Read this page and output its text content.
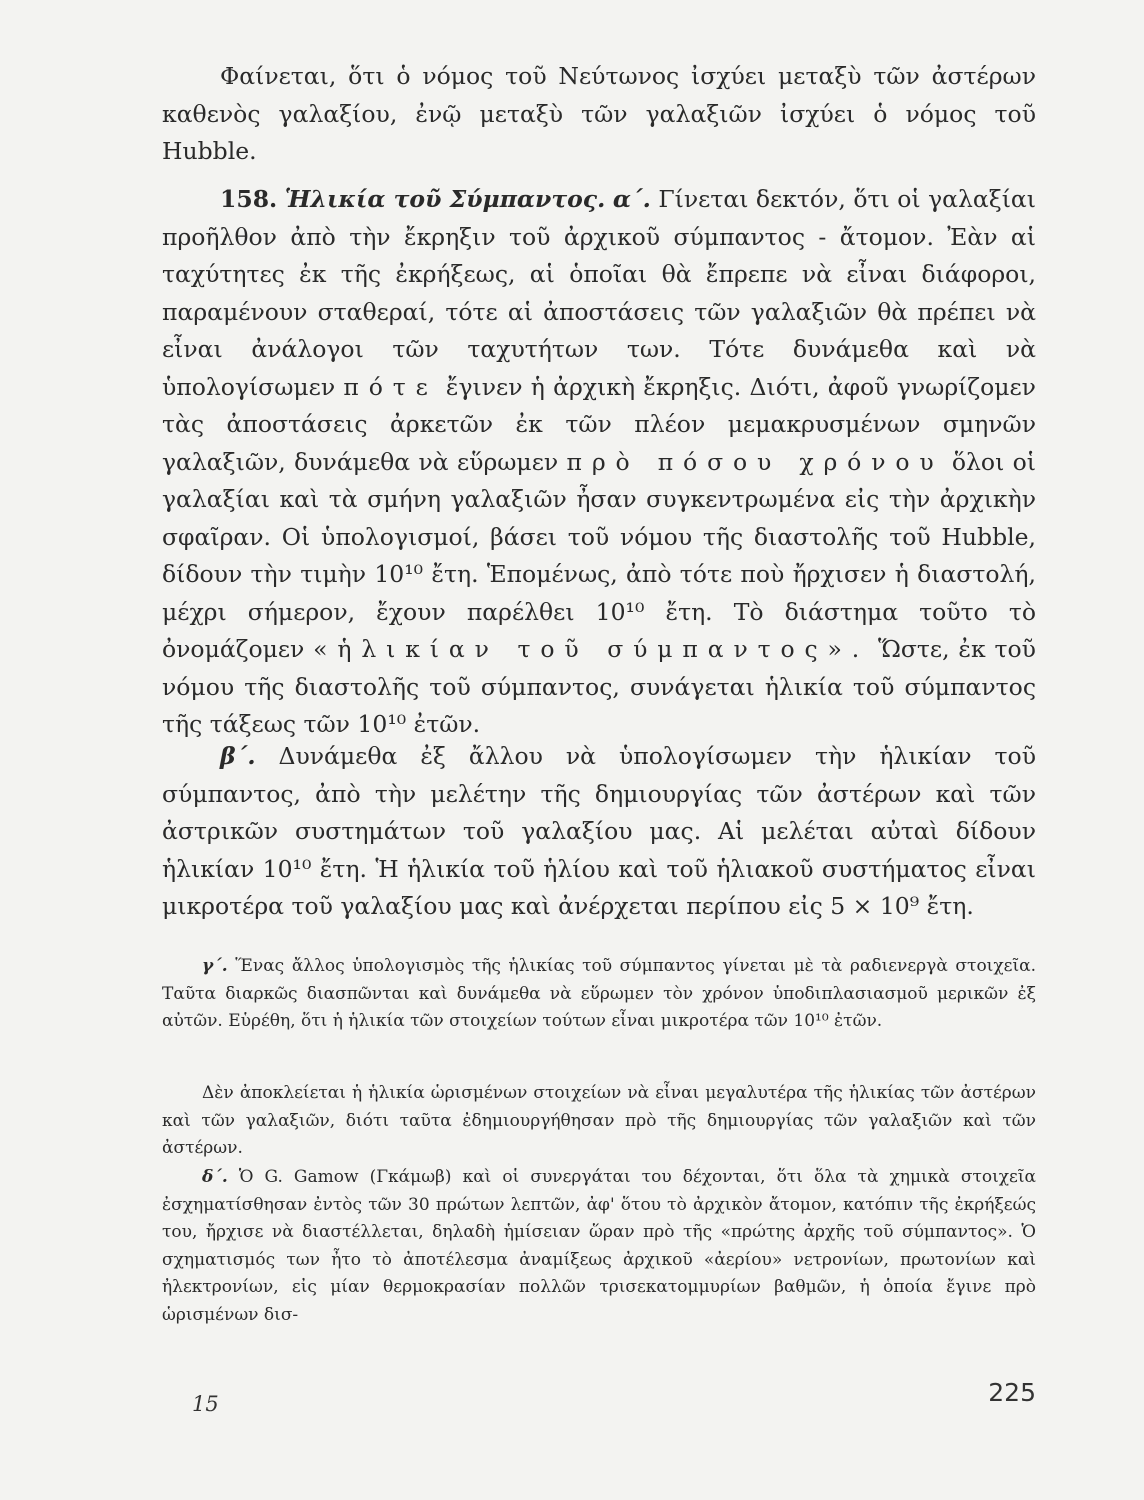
Φαίνεται, ὅτι ὁ νόμος τοῦ Νεύτωνος ἰσχύει μεταξὺ τῶν ἀστέρων καθενὸς γαλαξίου, ἐνῷ μεταξὺ τῶν γαλαξιῶν ἰσχύει ὁ νόμος τοῦ Hubble.

158. Ἡλικία τοῦ Σύμπαντος. α΄. Γίνεται δεκτόν, ὅτι οἱ γαλαξίαι προῆλθον ἀπὸ τὴν ἔκρηξιν τοῦ ἀρχικοῦ σύμπαντος - ἄτομον. Ἐὰν αἱ ταχύτητες ἐκ τῆς ἐκρήξεως, αἱ ὁποῖαι θὰ ἔπρεπε νὰ εἶναι διάφοροι, παραμένουν σταθεραί, τότε αἱ ἀποστάσεις τῶν γαλαξιῶν θὰ πρέπει νὰ εἶναι ἀνάλογοι τῶν ταχυτήτων των. Τότε δυνάμεθα καὶ νὰ ὑπολογίσωμεν πότε ἔγινεν ἡ ἀρχικὴ ἔκρηξις. Διότι, ἀφοῦ γνωρίζομεν τὰς ἀποστάσεις ἀρκετῶν ἐκ τῶν πλέον μεμακρυσμένων σμηνῶν γαλαξιῶν, δυνάμεθα νὰ εὕρωμεν πρὸ πόσου χρόνου ὅλοι οἱ γαλαξίαι καὶ τὰ σμήνη γαλαξιῶν ἦσαν συγκεντρωμένα εἰς τὴν ἀρχικὴν σφαῖραν. Οἱ ὑπολογισμοί, βάσει τοῦ νόμου τῆς διαστολῆς τοῦ Hubble, δίδουν τὴν τιμὴν 10¹⁰ ἔτη. Ἑπομένως, ἀπὸ τότε ποὺ ἤρχισεν ἡ διαστολή, μέχρι σήμερον, ἔχουν παρέλθει 10¹⁰ ἔτη. Τὸ διάστημα τοῦτο τὸ ὀνομάζομεν «ἡλικίαν τοῦ σύμπαντος». Ὥστε, ἐκ τοῦ νόμου τῆς διαστολῆς τοῦ σύμπαντος, συνάγεται ἡλικία τοῦ σύμπαντος τῆς τάξεως τῶν 10¹⁰ ἐτῶν.

β΄. Δυνάμεθα ἐξ ἄλλου νὰ ὑπολογίσωμεν τὴν ἡλικίαν τοῦ σύμπαντος, ἀπὸ τὴν μελέτην τῆς δημιουργίας τῶν ἀστέρων καὶ τῶν ἀστρικῶν συστημάτων τοῦ γαλαξίου μας. Αἱ μελέται αὐταὶ δίδουν ἡλικίαν 10¹⁰ ἔτη. Ἡ ἡλικία τοῦ ἡλίου καὶ τοῦ ἡλιακοῦ συστήματος εἶναι μικροτέρα τοῦ γαλαξίου μας καὶ ἀνέρχεται περίπου εἰς 5 × 10⁹ ἔτη.

γ΄. Ἕνας ἄλλος ὑπολογισμὸς τῆς ἡλικίας τοῦ σύμπαντος γίνεται μὲ τὰ ραδιενεργὰ στοιχεῖα. Ταῦτα διαρκῶς διασπῶνται καὶ δυνάμεθα νὰ εὕρωμεν τὸν χρόνον ὑποδιπλασιασμοῦ μερικῶν ἐξ αὐτῶν. Εὑρέθη, ὅτι ἡ ἡλικία τῶν στοιχείων τούτων εἶναι μικροτέρα τῶν 10¹⁰ ἐτῶν.

Δὲν ἀποκλείεται ἡ ἡλικία ὡρισμένων στοιχείων νὰ εἶναι μεγαλυτέρα τῆς ἡλικίας τῶν ἀστέρων καὶ τῶν γαλαξιῶν, διότι ταῦτα ἐδημιουργήθησαν πρὸ τῆς δημιουργίας τῶν γαλαξιῶν καὶ τῶν ἀστέρων.

δ΄. Ὁ G. Gamow (Γκάμωβ) καὶ οἱ συνεργάται του δέχονται, ὅτι ὅλα τὰ χημικὰ στοιχεῖα ἐσχηματίσθησαν ἐντὸς τῶν 30 πρώτων λεπτῶν, ἀφ' ὅτου τὸ ἀρχικὸν ἄτομον, κατόπιν τῆς ἐκρήξεώς του, ἤρχισε νὰ διαστέλλεται, δηλαδὴ ἡμίσειαν ὥραν πρὸ τῆς «πρώτης ἀρχῆς τοῦ σύμπαντος». Ὁ σχηματισμός των ἦτο τὸ ἀποτέλεσμα ἀναμίξεως ἀρχικοῦ «ἀερίου» νετρονίων, πρωτονίων καὶ ἠλεκτρονίων, εἰς μίαν θερμοκρασίαν πολλῶν τρισεκατομμυρίων βαθμῶν, ἡ ὁποία ἔγινε πρὸ ὡρισμένων δισ-

15	225
